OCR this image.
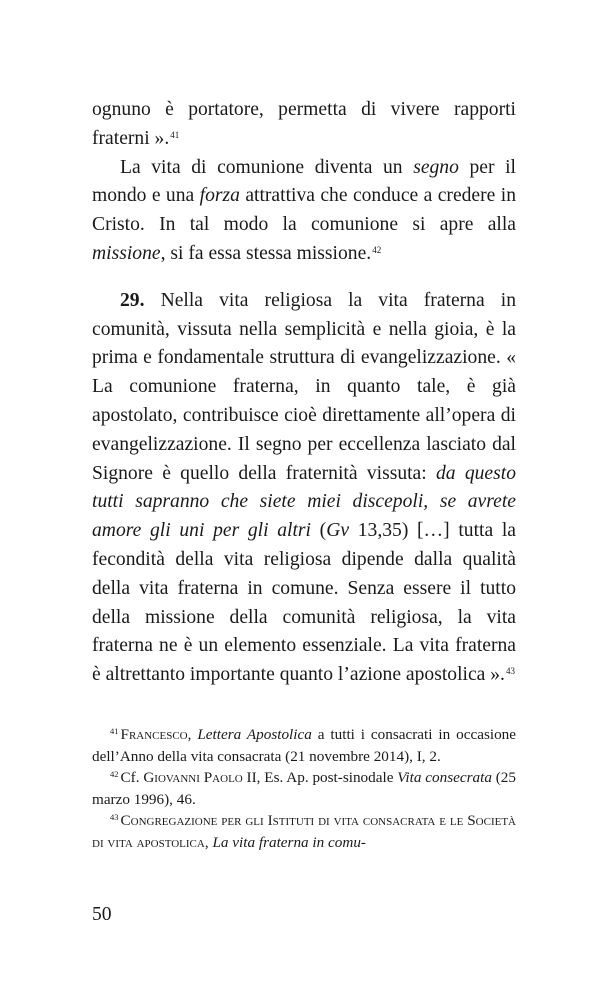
ognuno è portatore, permetta di vivere rapporti fraterni ».$^{41}$

La vita di comunione diventa un segno per il mondo e una forza attrattiva che conduce a credere in Cristo. In tal modo la comunione si apre alla missione, si fa essa stessa missione.$^{42}$

29. Nella vita religiosa la vita fraterna in comunità, vissuta nella semplicità e nella gioia, è la prima e fondamentale struttura di evangelizzazione. « La comunione fraterna, in quanto tale, è già apostolato, contribuisce cioè direttamente all’opera di evangelizzazione. Il segno per eccellenza lasciato dal Signore è quello della fraternità vissuta: da questo tutti sapranno che siete miei discepoli, se avrete amore gli uni per gli altri (Gv 13,35) […] tutta la fecondità della vita religiosa dipende dalla qualità della vita fraterna in comune. Senza essere il tutto della missione della comunità religiosa, la vita fraterna ne è un elemento essenziale. La vita fraterna è altrettanto importante quanto l’azione apostolica ».$^{43}$

$^{41}$ Francesco, Lettera Apostolica a tutti i consacrati in occasione dell’Anno della vita consacrata (21 novembre 2014), I, 2.

$^{42}$ Cf. Giovanni Paolo II, Es. Ap. post-sinodale Vita consecrata (25 marzo 1996), 46.

$^{43}$ Congregazione per gli Istituti di vita consacrata e le Società di vita apostolica, La vita fraterna in comu-

50
